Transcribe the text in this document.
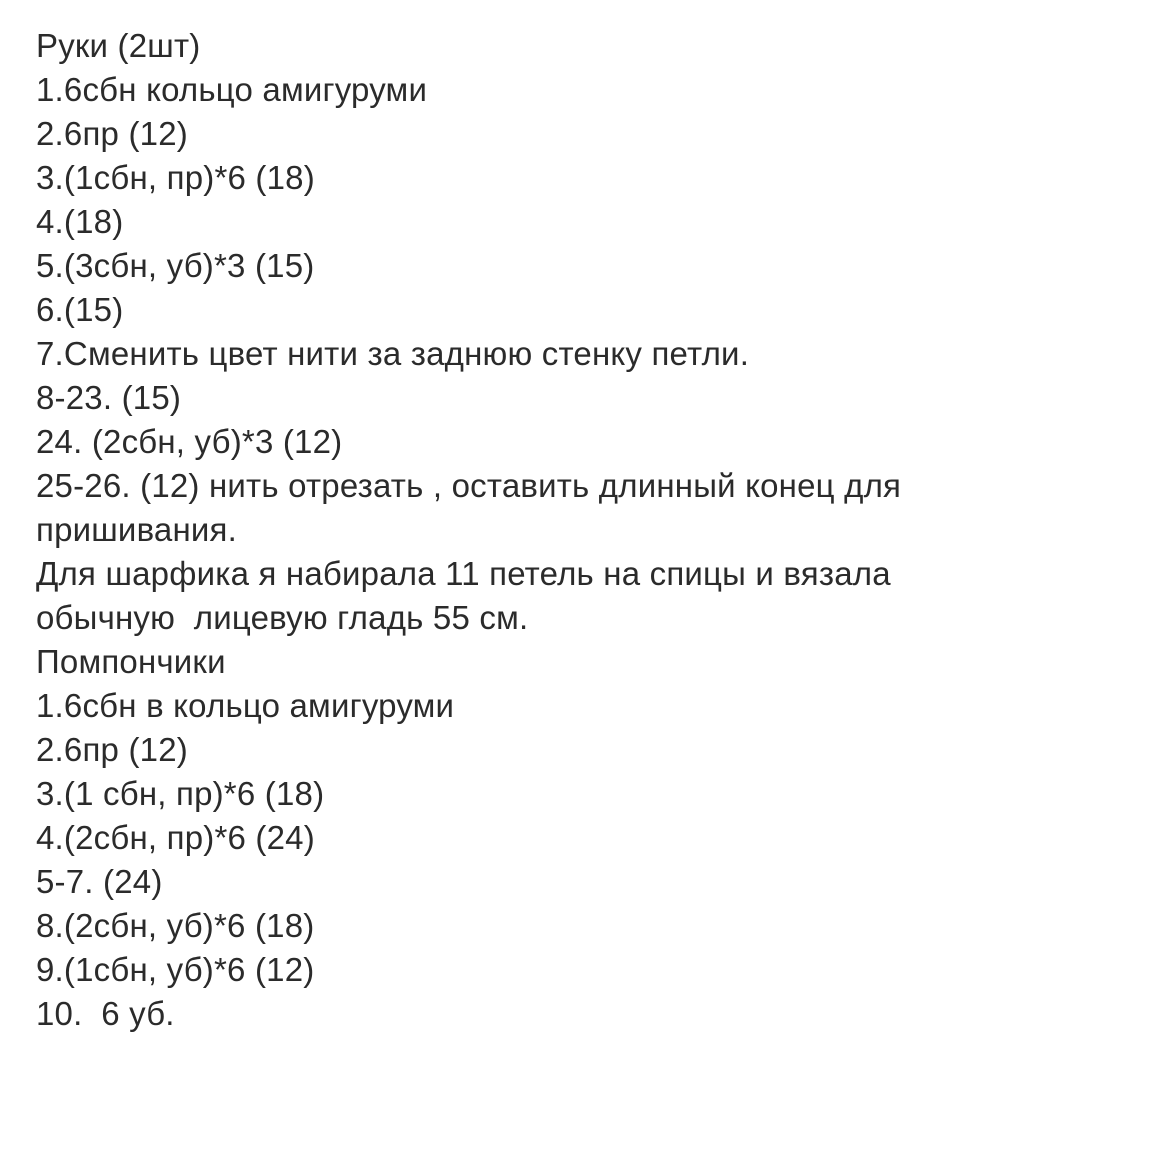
Руки (2шт)

1.6сбн кольцо амигуруми

2.6пр (12)

3.(1сбн, пр)*6 (18)

4.(18)

5.(3сбн, уб)*3 (15)

6.(15)

7.Сменить цвет нити за заднюю стенку петли.

8-23. (15)

24. (2сбн, уб)*3 (12)

25-26. (12) нить отрезать , оставить длинный конец для

пришивания.

Для шарфика я набирала 11 петель на спицы и вязала

обычную  лицевую гладь 55 см.

Помпончики

1.6сбн в кольцо амигуруми

2.6пр (12)

3.(1 сбн, пр)*6 (18)

4.(2сбн, пр)*6 (24)

5-7. (24)

8.(2сбн, уб)*6 (18)

9.(1сбн, уб)*6 (12)

10.  6 уб.
